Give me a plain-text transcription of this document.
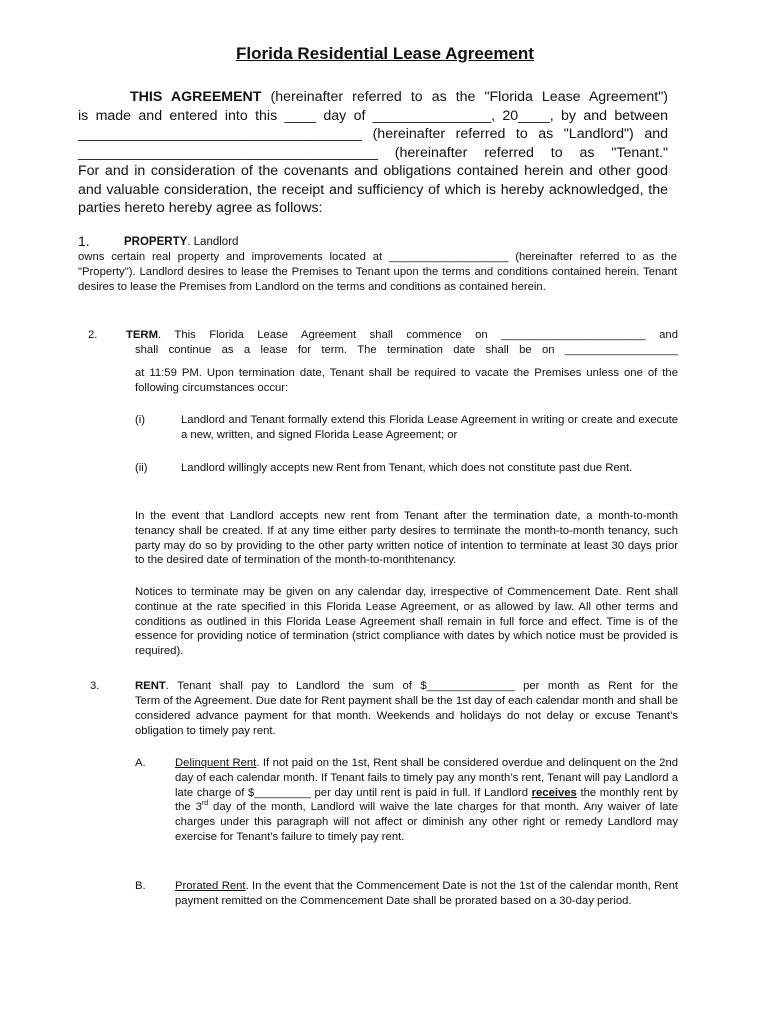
Florida Residential Lease Agreement

THIS AGREEMENT (hereinafter referred to as the "Florida Lease Agreement")

is made and entered into this ____ day of _______________, 20____, by and between

____________________________________ (hereinafter referred to as "Landlord") and

______________________________________ (hereinafter referred to as "Tenant."

For and in consideration of the covenants and obligations contained herein and other good and valuable consideration, the receipt and sufficiency of which is hereby acknowledged, the parties hereto hereby agree as follows:

1.	PROPERTY. Landlord

owns certain real property and improvements located at ___________________ (hereinafter referred to as the "Property"). Landlord desires to lease the Premises to Tenant upon the terms and conditions contained herein. Tenant desires to lease the Premises from Landlord on the terms and conditions as contained herein.

2.	TERM. This Florida Lease Agreement shall commence on _______________________ and

shall continue as a lease for term. The termination date shall be on __________________

at 11:59 PM. Upon termination date, Tenant shall be required to vacate the Premises unless one of the following circumstances occur:

(i)	Landlord and Tenant formally extend this Florida Lease Agreement in writing or create and execute a new, written, and signed Florida Lease Agreement; or

(ii)	Landlord willingly accepts new Rent from Tenant, which does not constitute past due Rent.

In the event that Landlord accepts new rent from Tenant after the termination date, a month-to-month tenancy shall be created. If at any time either party desires to terminate the month-to-month tenancy, such party may do so by providing to the other party written notice of intention to terminate at least 30 days prior to the desired date of termination of the month-to-monthtenancy.

Notices to terminate may be given on any calendar day, irrespective of Commencement Date. Rent shall continue at the rate specified in this Florida Lease Agreement, or as allowed by law. All other terms and conditions as outlined in this Florida Lease Agreement shall remain in full force and effect. Time is of the essence for providing notice of termination (strict compliance with dates by which notice must be provided is required).

3.	RENT. Tenant shall pay to Landlord the sum of $______________ per month as Rent for the

Term of the Agreement. Due date for Rent payment shall be the 1st day of each calendar month and shall be considered advance payment for that month. Weekends and holidays do not delay or excuse Tenant’s obligation to timely pay rent.

A.	Delinquent Rent. If not paid on the 1st, Rent shall be considered overdue and delinquent on the 2nd day of each calendar month. If Tenant fails to timely pay any month’s rent, Tenant will pay Landlord a late charge of $_________ per day until rent is paid in full. If Landlord receives the monthly rent by the 3rd day of the month, Landlord will waive the late charges for that month. Any waiver of late charges under this paragraph will not affect or diminish any other right or remedy Landlord may exercise for Tenant’s failure to timely pay rent.

B.	Prorated Rent. In the event that the Commencement Date is not the 1st of the calendar month, Rent payment remitted on the Commencement Date shall be prorated based on a 30-day period.
